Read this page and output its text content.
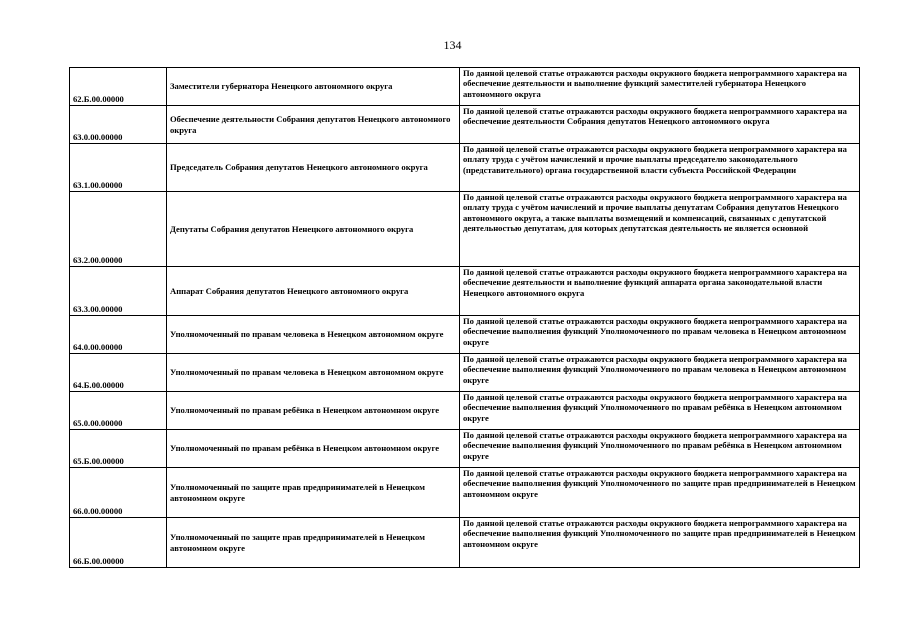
134
62.Б.00.00000	Заместители губернатора Ненецкого автономного округа	По данной целевой статье отражаются расходы окружного бюджета непрограммного характера на обеспечение деятельности и выполнение функций заместителей губернатора Ненецкого автономного округа
63.0.00.00000	Обеспечение деятельности Собрания депутатов Ненецкого автономного округа	По данной целевой статье отражаются расходы окружного бюджета непрограммного характера на обеспечение деятельности Собрания депутатов Ненецкого автономного округа
63.1.00.00000	Председатель Собрания депутатов Ненецкого автономного округа	По данной целевой статье отражаются расходы окружного бюджета непрограммного характера на оплату труда с учётом начислений и прочие выплаты председателю законодательного (представительного) органа государственной власти субъекта Российской Федерации
63.2.00.00000	Депутаты Собрания депутатов Ненецкого автономного округа	По данной целевой статье отражаются расходы окружного бюджета непрограммного характера на оплату труда с учётом начислений и прочие выплаты депутатам Собрания депутатов Ненецкого автономного округа, а также выплаты возмещений и компенсаций, связанных с депутатской деятельностью депутатам, для которых депутатская деятельность не является основной
63.3.00.00000	Аппарат Собрания депутатов Ненецкого автономного округа	По данной целевой статье отражаются расходы окружного бюджета непрограммного характера на обеспечение деятельности и выполнение функций аппарата органа законодательной власти Ненецкого автономного округа
64.0.00.00000	Уполномоченный по правам человека в Ненецком автономном округе	По данной целевой статье отражаются расходы окружного бюджета непрограммного характера на обеспечение выполнения функций Уполномоченного по правам человека в Ненецком автономном округе
64.Б.00.00000	Уполномоченный по правам человека в Ненецком автономном округе	По данной целевой статье отражаются расходы окружного бюджета непрограммного характера на обеспечение выполнения функций Уполномоченного по правам человека в Ненецком автономном округе
65.0.00.00000	Уполномоченный по правам ребёнка в Ненецком автономном округе	По данной целевой статье отражаются расходы окружного бюджета непрограммного характера на обеспечение выполнения функций Уполномоченного по правам ребёнка в Ненецком автономном округе
65.Б.00.00000	Уполномоченный по правам ребёнка в Ненецком автономном округе	По данной целевой статье отражаются расходы окружного бюджета непрограммного характера на обеспечение выполнения функций Уполномоченного по правам ребёнка в Ненецком автономном округе
66.0.00.00000	Уполномоченный по защите прав предпринимателей в Ненецком автономном округе	По данной целевой статье отражаются расходы окружного бюджета непрограммного характера на обеспечение выполнения функций Уполномоченного по защите прав предпринимателей в Ненецком автономном округе
66.Б.00.00000	Уполномоченный по защите прав предпринимателей в Ненецком автономном округе	По данной целевой статье отражаются расходы окружного бюджета непрограммного характера на обеспечение выполнения функций Уполномоченного по защите прав предпринимателей в Ненецком автономном округе
